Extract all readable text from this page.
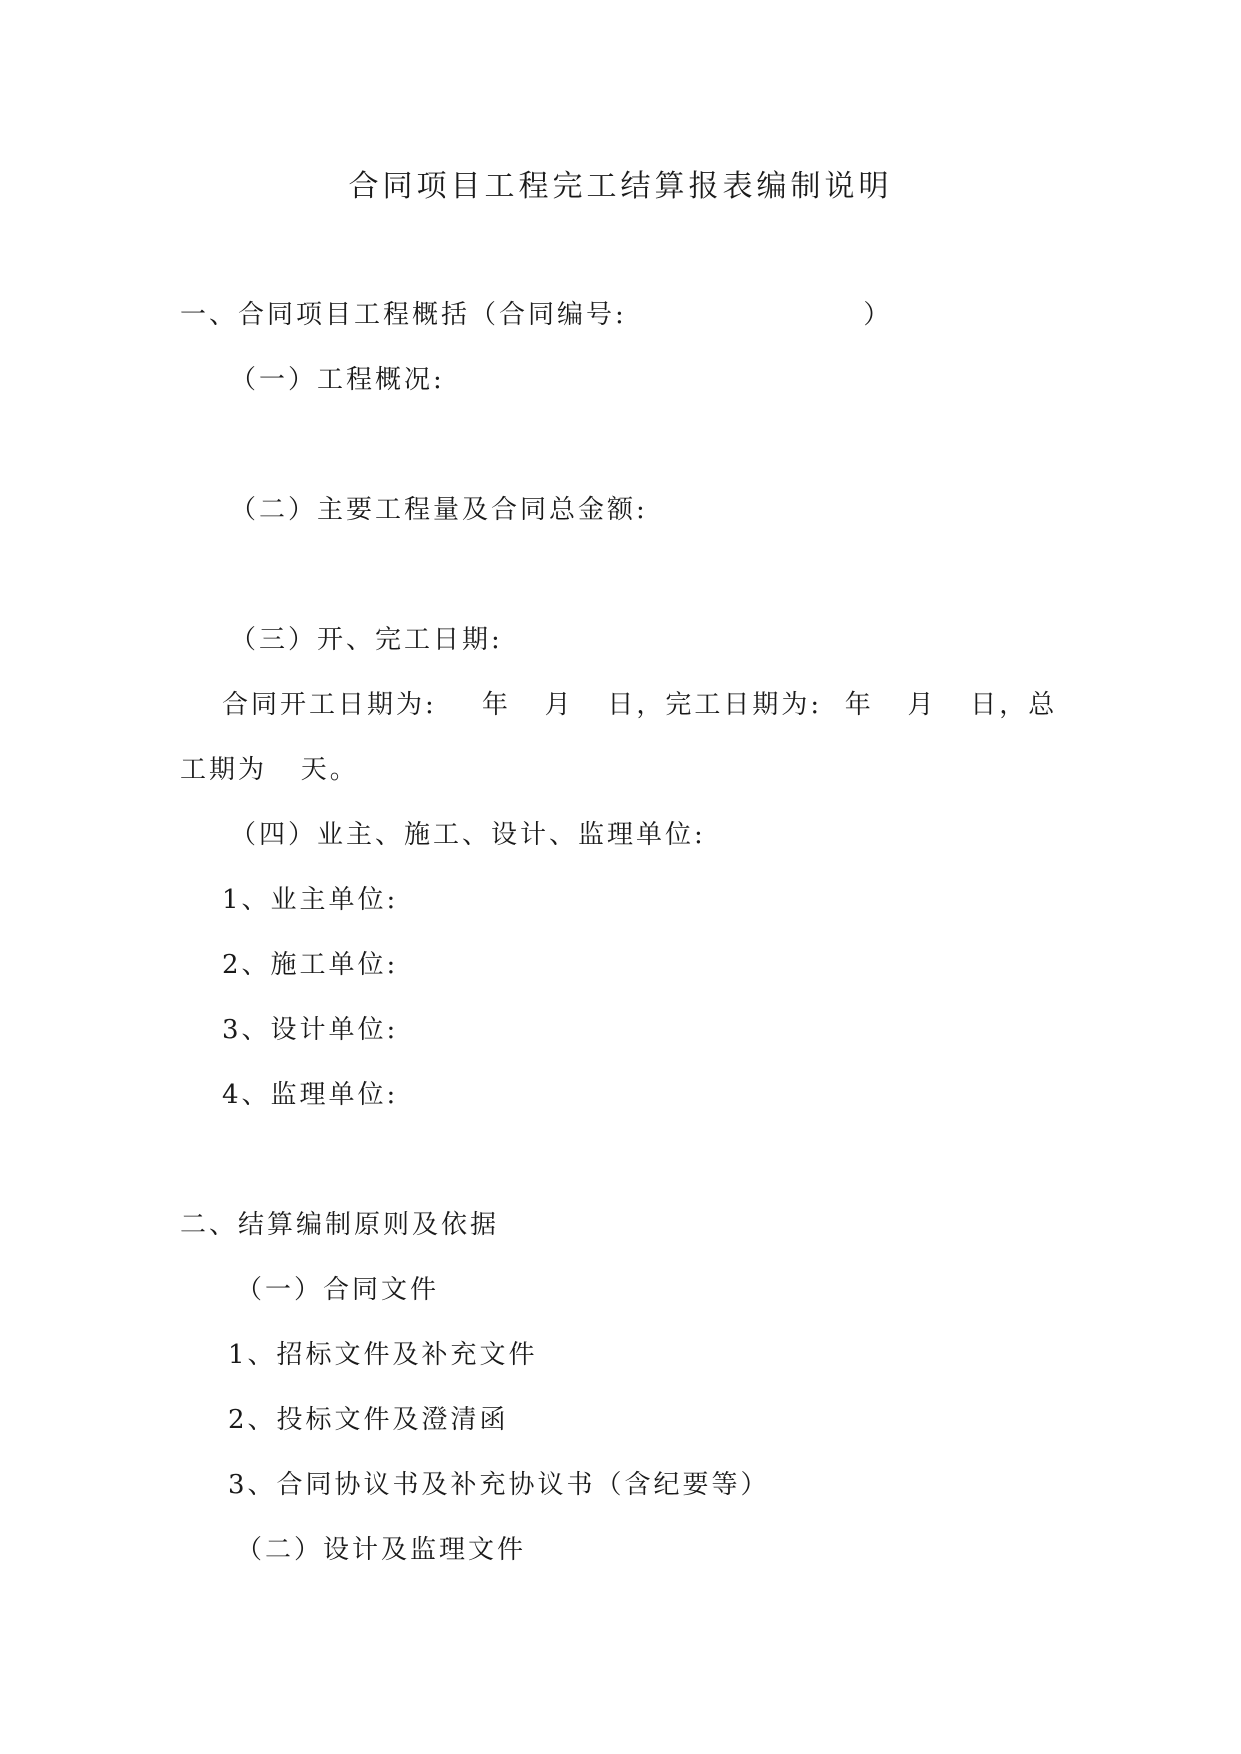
合同项目工程完工结算报表编制说明
一、合同项目工程概括（合同编号:                     ）
（一）工程概况:
（二）主要工程量及合同总金额:
（三）开、完工日期:
合同开工日期为:    年   月   日，完工日期为:  年   月   日，总
工期为   天。
（四）业主、施工、设计、监理单位:
1、业主单位:
2、施工单位:
3、设计单位:
4、监理单位:
二、结算编制原则及依据
（一）合同文件
1、招标文件及补充文件
2、投标文件及澄清函
3、合同协议书及补充协议书（含纪要等）
（二）设计及监理文件
